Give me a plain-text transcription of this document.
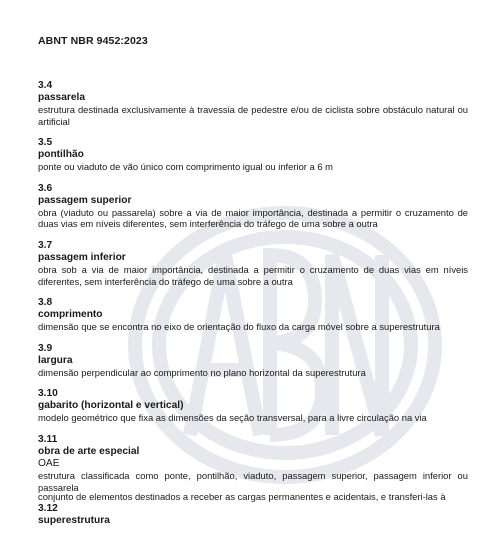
ABNT NBR 9452:2023
3.4
passarela
estrutura destinada exclusivamente à travessia de pedestre e/ou de ciclista sobre obstáculo natural ou artificial
3.5
pontilhão
ponte ou viaduto de vão único com comprimento igual ou inferior a 6 m
3.6
passagem superior
obra (viaduto ou passarela) sobre a via de maior importância, destinada a permitir o cruzamento de duas vias em níveis diferentes, sem interferência do tráfego de uma sobre a outra
3.7
passagem inferior
obra sob a via de maior importância, destinada a permitir o cruzamento de duas vias em níveis diferentes, sem interferência do tráfego de uma sobre a outra
3.8
comprimento
dimensão que se encontra no eixo de orientação do fluxo da carga móvel sobre a superestrutura
3.9
largura
dimensão perpendicular ao comprimento no plano horizontal da superestrutura
3.10
gabarito (horizontal e vertical)
modelo geométrico que fixa as dimensões da seção transversal, para a livre circulação na via
3.11
obra de arte especial
OAE
estrutura classificada como ponte, pontilhão, viaduto, passagem superior, passagem inferior ou passarela
3.12
superestrutura
conjunto de elementos destinados a receber as cargas permanentes e acidentais, e transferi-las à
